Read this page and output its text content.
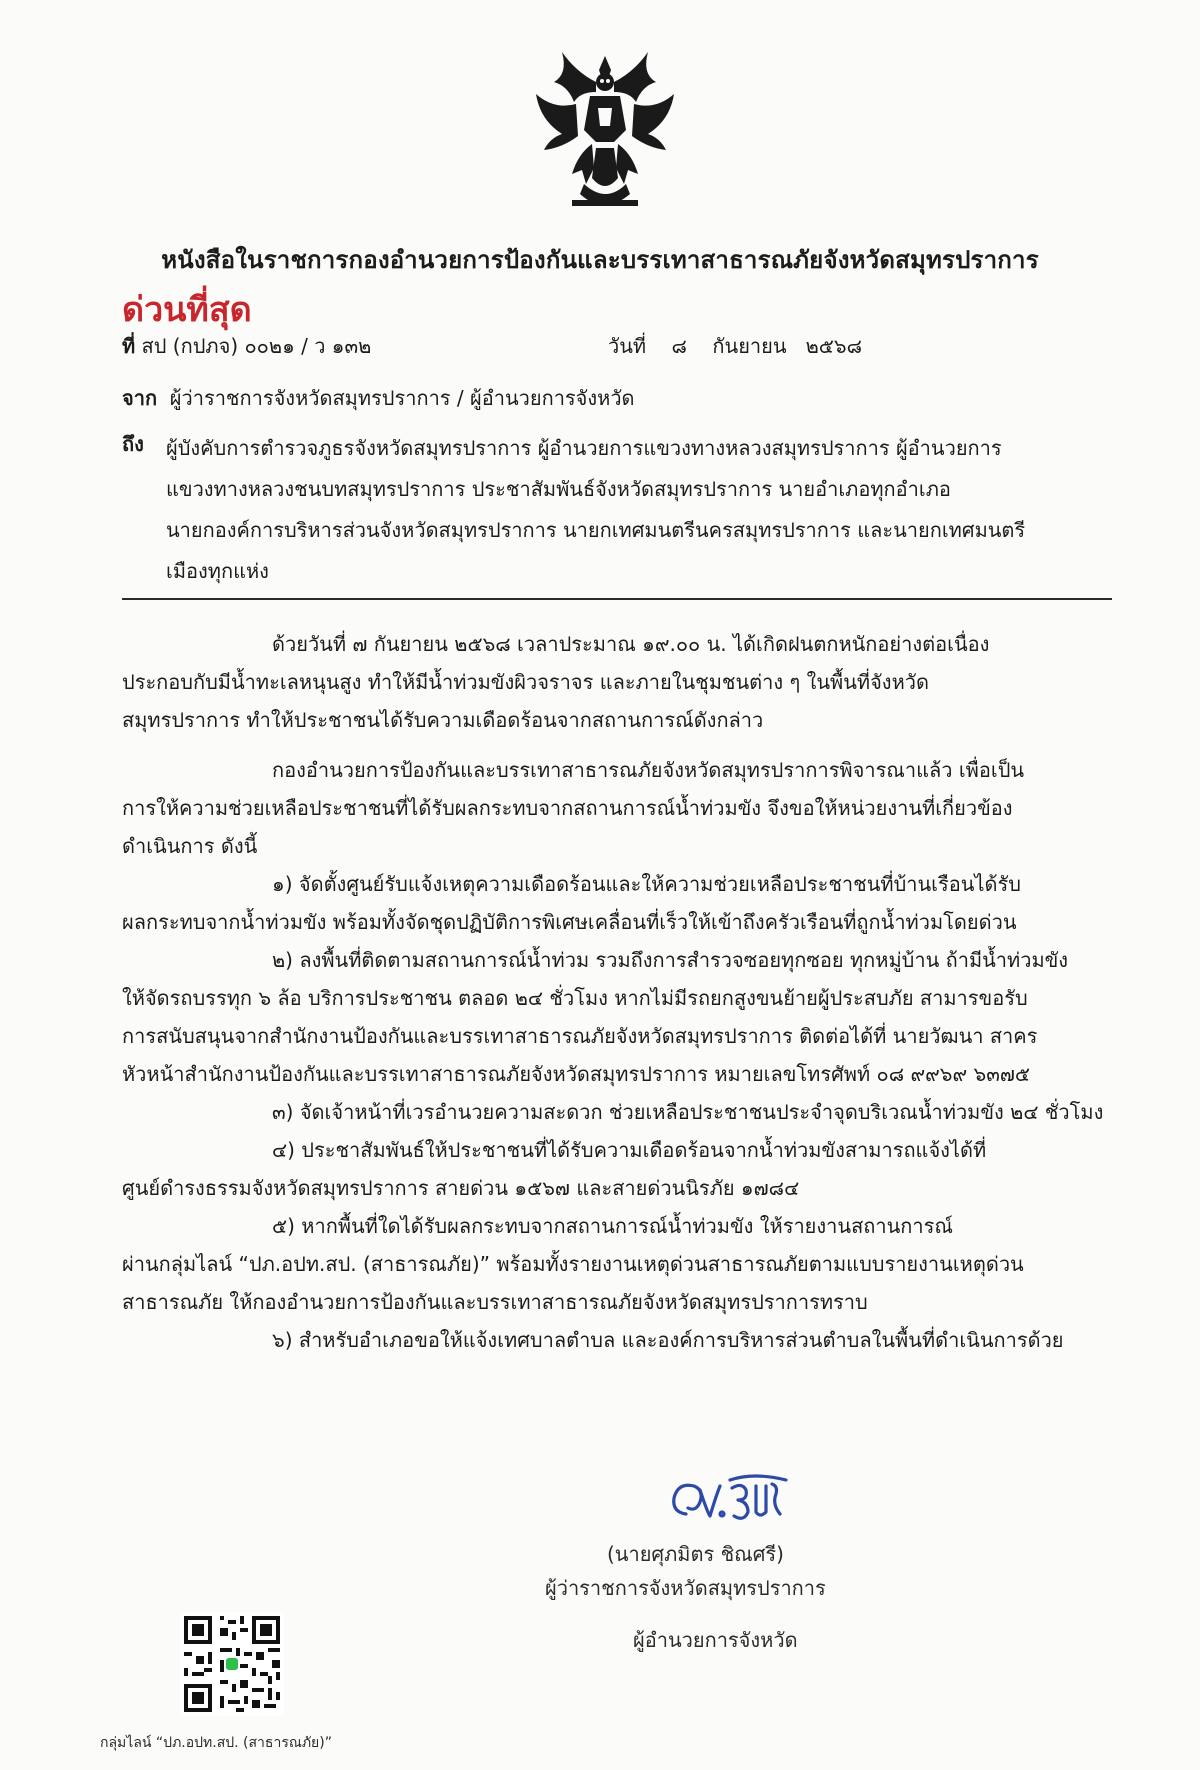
หนังสือในราชการกองอำนวยการป้องกันและบรรเทาสาธารณภัยจังหวัดสมุทรปราการ
ด่วนที่สุด
ที่ สป (กปภจ) ๐๐๒๑ / ว ๑๓๒	วันที่ ๘ กันยายน ๒๕๖๘
จาก ผู้ว่าราชการจังหวัดสมุทรปราการ / ผู้อำนวยการจังหวัด
ถึง ผู้บังคับการตำรวจภูธรจังหวัดสมุทรปราการ ผู้อำนวยการแขวงทางหลวงสมุทรปราการ ผู้อำนวยการ
แขวงทางหลวงชนบทสมุทรปราการ ประชาสัมพันธ์จังหวัดสมุทรปราการ นายอำเภอทุกอำเภอ
นายกองค์การบริหารส่วนจังหวัดสมุทรปราการ นายกเทศมนตรีนครสมุทรปราการ และนายกเทศมนตรี
เมืองทุกแห่ง
ด้วยวันที่ ๗ กันยายน ๒๕๖๘ เวลาประมาณ ๑๙.๐๐ น. ได้เกิดฝนตกหนักอย่างต่อเนื่อง
ประกอบกับมีน้ำทะเลหนุนสูง ทำให้มีน้ำท่วมขังผิวจราจร และภายในชุมชนต่าง ๆ ในพื้นที่จังหวัด
สมุทรปราการ ทำให้ประชาชนได้รับความเดือดร้อนจากสถานการณ์ดังกล่าว
กองอำนวยการป้องกันและบรรเทาสาธารณภัยจังหวัดสมุทรปราการพิจารณาแล้ว เพื่อเป็น
การให้ความช่วยเหลือประชาชนที่ได้รับผลกระทบจากสถานการณ์น้ำท่วมขัง จึงขอให้หน่วยงานที่เกี่ยวข้อง
ดำเนินการ ดังนี้
๑) จัดตั้งศูนย์รับแจ้งเหตุความเดือดร้อนและให้ความช่วยเหลือประชาชนที่บ้านเรือนได้รับ
ผลกระทบจากน้ำท่วมขัง พร้อมทั้งจัดชุดปฏิบัติการพิเศษเคลื่อนที่เร็วให้เข้าถึงครัวเรือนที่ถูกน้ำท่วมโดยด่วน
๒) ลงพื้นที่ติดตามสถานการณ์น้ำท่วม รวมถึงการสำรวจซอยทุกซอย ทุกหมู่บ้าน ถ้ามีน้ำท่วมขัง
ให้จัดรถบรรทุก ๖ ล้อ บริการประชาชน ตลอด ๒๔ ชั่วโมง หากไม่มีรถยกสูงขนย้ายผู้ประสบภัย สามารขอรับ
การสนับสนุนจากสำนักงานป้องกันและบรรเทาสาธารณภัยจังหวัดสมุทรปราการ ติดต่อได้ที่ นายวัฒนา สาคร
หัวหน้าสำนักงานป้องกันและบรรเทาสาธารณภัยจังหวัดสมุทรปราการ หมายเลขโทรศัพท์ ๐๘ ๙๙๖๙ ๖๓๗๕
๓) จัดเจ้าหน้าที่เวรอำนวยความสะดวก ช่วยเหลือประชาชนประจำจุดบริเวณน้ำท่วมขัง ๒๔ ชั่วโมง
๔) ประชาสัมพันธ์ให้ประชาชนที่ได้รับความเดือดร้อนจากน้ำท่วมขังสามารถแจ้งได้ที่
ศูนย์ดำรงธรรมจังหวัดสมุทรปราการ สายด่วน ๑๕๖๗ และสายด่วนนิรภัย ๑๗๘๔
๕) หากพื้นที่ใดได้รับผลกระทบจากสถานการณ์น้ำท่วมขัง ให้รายงานสถานการณ์
ผ่านกลุ่มไลน์ “ปภ.อปท.สป. (สาธารณภัย)” พร้อมทั้งรายงานเหตุด่วนสาธารณภัยตามแบบรายงานเหตุด่วน
สาธารณภัย ให้กองอำนวยการป้องกันและบรรเทาสาธารณภัยจังหวัดสมุทรปราการทราบ
๖) สำหรับอำเภอขอให้แจ้งเทศบาลตำบล และองค์การบริหารส่วนตำบลในพื้นที่ดำเนินการด้วย
(นายศุภมิตร ชิณศรี)
ผู้ว่าราชการจังหวัดสมุทรปราการ
ผู้อำนวยการจังหวัด
กลุ่มไลน์ “ปภ.อปท.สป. (สาธารณภัย)”
